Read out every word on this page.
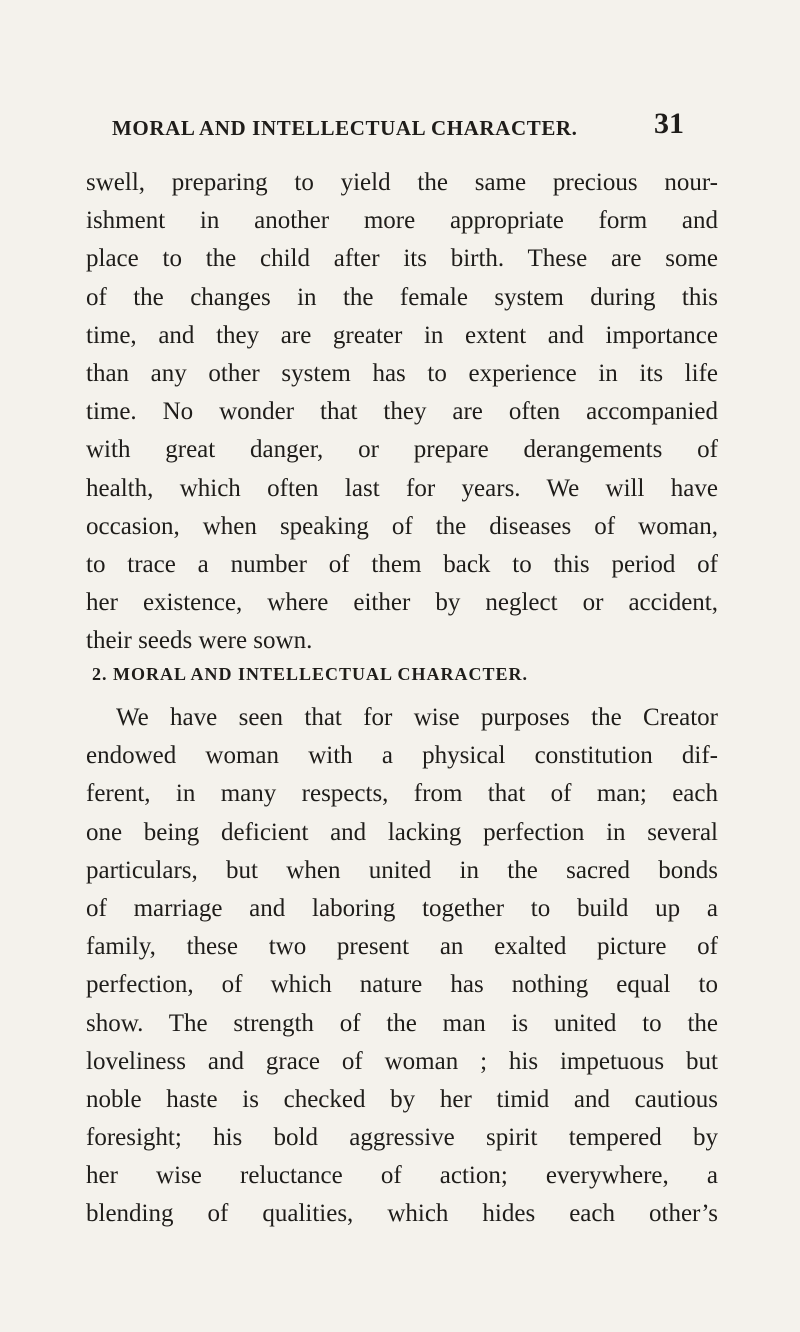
MORAL AND INTELLECTUAL CHARACTER.	31
swell, preparing to yield the same precious nour-
ishment in another more appropriate form and
place to the child after its birth. These are some
of the changes in the female system during this
time, and they are greater in extent and importance
than any other system has to experience in its life
time. No wonder that they are often accompanied
with great danger, or prepare derangements of
health, which often last for years. We will have
occasion, when speaking of the diseases of woman,
to trace a number of them back to this period of
her existence, where either by neglect or accident,
their seeds were sown.
2. MORAL AND INTELLECTUAL CHARACTER.
We have seen that for wise purposes the Creator
endowed woman with a physical constitution dif-
ferent, in many respects, from that of man; each
one being deficient and lacking perfection in several
particulars, but when united in the sacred bonds
of marriage and laboring together to build up a
family, these two present an exalted picture of
perfection, of which nature has nothing equal to
show. The strength of the man is united to the
loveliness and grace of woman ; his impetuous but
noble haste is checked by her timid and cautious
foresight; his bold aggressive spirit tempered by
her wise reluctance of action; everywhere, a
blending of qualities, which hides each other’s
